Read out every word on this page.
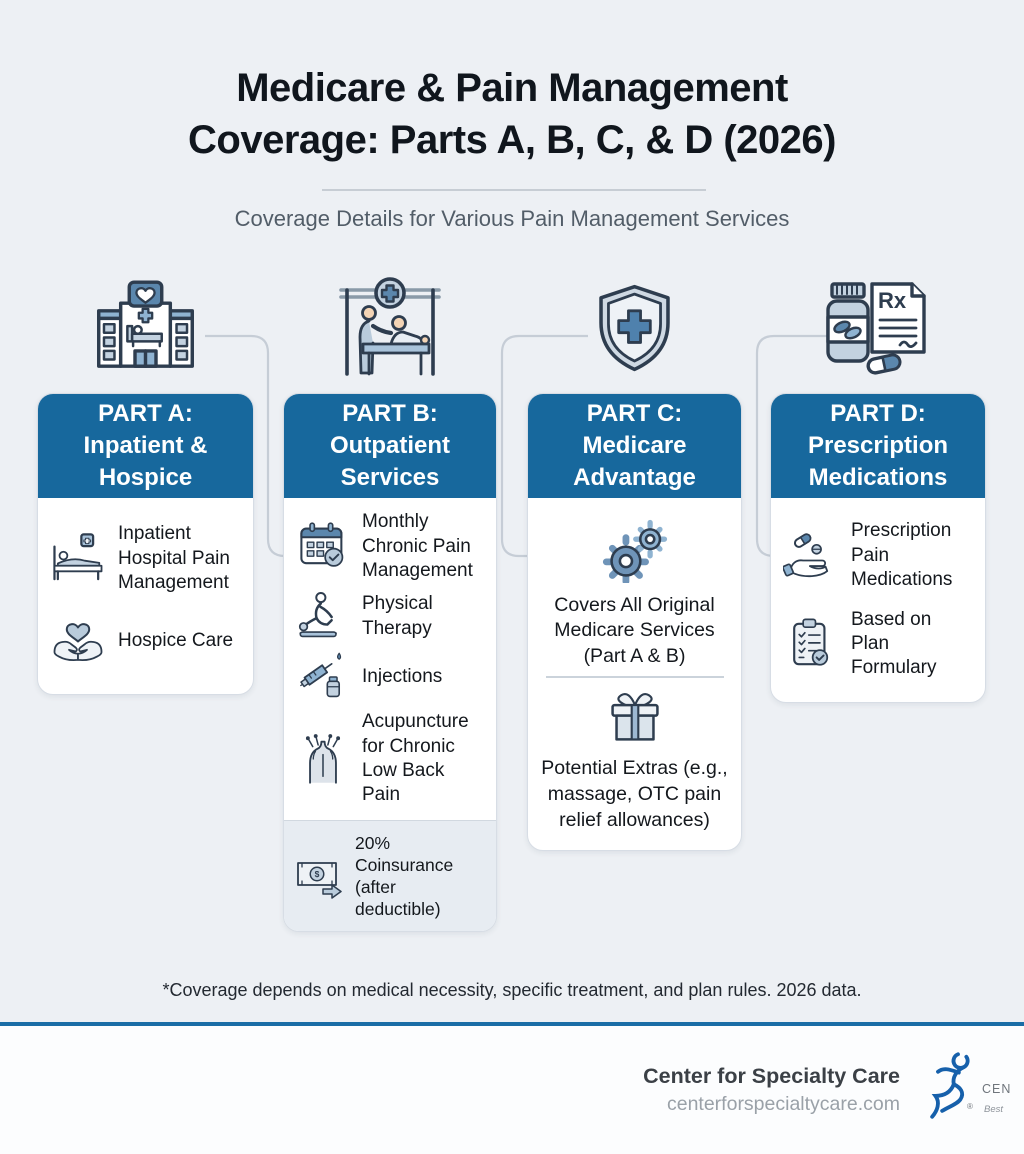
Medicare & Pain Management
Coverage: Parts A, B, C, & D (2026)
Coverage Details for Various Pain Management Services
Rx
PART A:
Inpatient &
Hospice
Inpatient Hospital Pain Management
Hospice Care
PART B:
Outpatient
Services
Monthly Chronic Pain Management
Physical Therapy
Injections
Acupuncture for Chronic Low Back Pain
$
20% Coinsurance (after deductible)
PART C:
Medicare
Advantage
Covers All Original Medicare Services (Part A & B)
Potential Extras (e.g., massage, OTC pain relief allowances)
PART D:
Prescription
Medications
Prescription Pain Medications
Based on Plan Formulary
*Coverage depends on medical necessity, specific treatment, and plan rules. 2026 data.
Center for Specialty Care
centerforspecialtycare.com
CEN
® Best
